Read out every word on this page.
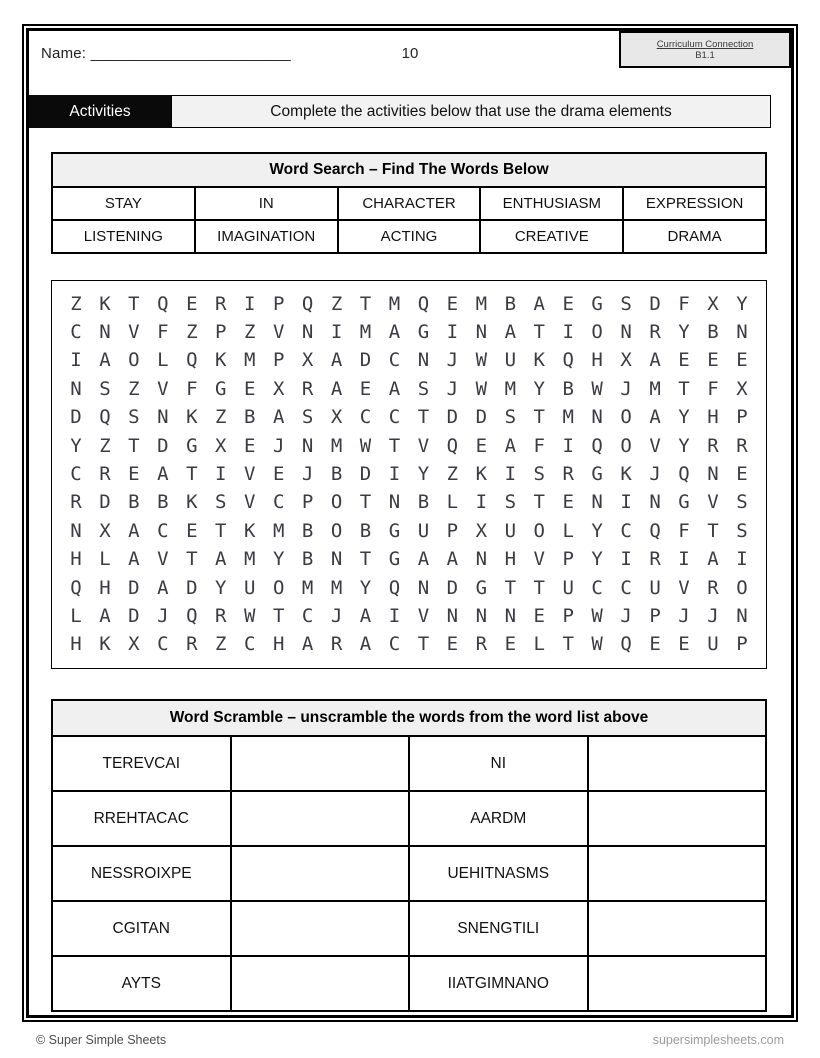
Name: ________________________	10
Curriculum Connection
B1.1
Activities	Complete the activities below that use the drama elements
Word Search – Find The Words Below
STAY	IN	CHARACTER	ENTHUSIASM	EXPRESSION
LISTENING	IMAGINATION	ACTING	CREATIVE	DRAMA
Z K T Q E R I P Q Z T M Q E M B A E G S D F X Y
C N V F Z P Z V N I M A G I N A T I O N R Y B N
I A O L Q K M P X A D C N J W U K Q H X A E E E
N S Z V F G E X R A E A S J W M Y B W J M T F X
D Q S N K Z B A S X C C T D D S T M N O A Y H P
Y Z T D G X E J N M W T V Q E A F I Q O V Y R R
C R E A T I V E J B D I Y Z K I S R G K J Q N E
R D B B K S V C P O T N B L I S T E N I N G V S
N X A C E T K M B O B G U P X U O L Y C Q F T S
H L A V T A M Y B N T G A A N H V P Y I R I A I
Q H D A D Y U O M M Y Q N D G T T U C C U V R O
L A D J Q R W T C J A I V N N N E P W J P J J N
H K X C R Z C H A R A C T E R E L T W Q E E U P
Word Scramble – unscramble the words from the word list above
TEREVCAI	NI
RREHTACAC	AARDM
NESSROIXPE	UEHITNASMS
CGITAN	SNENGTILI
AYTS	IIATGIMNANO
© Super Simple Sheets	supersimplesheets.com
